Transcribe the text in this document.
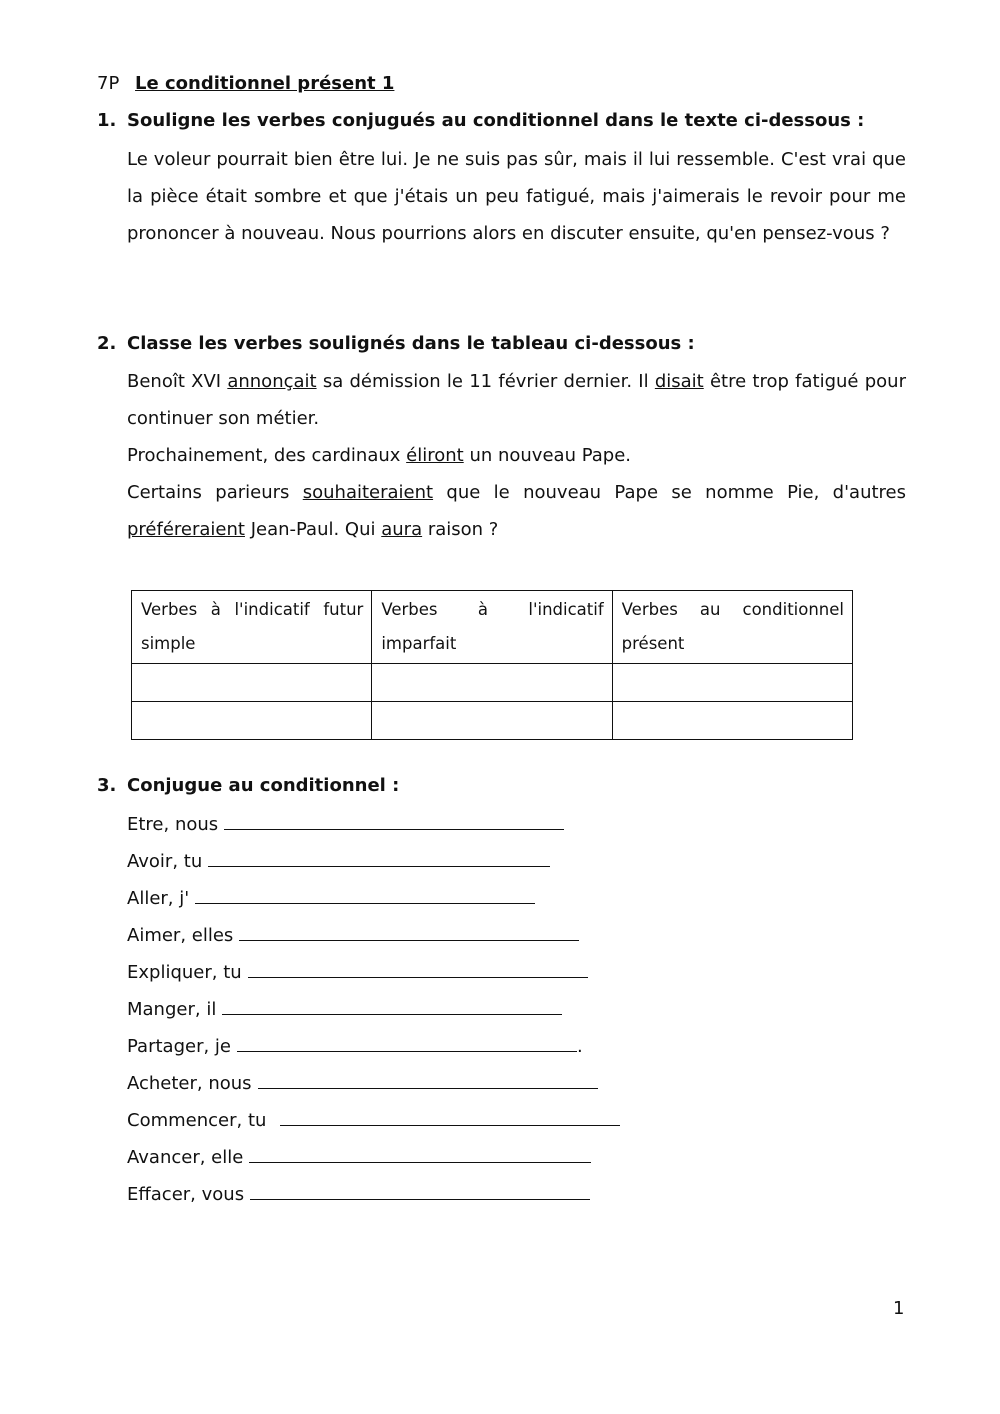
7P Le conditionnel présent 1
1. Souligne les verbes conjugués au conditionnel dans le texte ci-dessous :

Le voleur pourrait bien être lui. Je ne suis pas sûr, mais il lui ressemble. C'est vrai que la pièce était sombre et que j'étais un peu fatigué, mais j'aimerais le revoir pour me prononcer à nouveau. Nous pourrions alors en discuter ensuite, qu'en pensez-vous ?

2. Classe les verbes soulignés dans le tableau ci-dessous :

Benoît XVI annonçait sa démission le 11 février dernier. Il disait être trop fatigué pour continuer son métier.

Prochainement, des cardinaux éliront un nouveau Pape.

Certains parieurs souhaiteraient que le nouveau Pape se nomme Pie, d'autres préféreraient Jean-Paul. Qui aura raison ?

Verbes à l'indicatif futur simple	Verbes à l'indicatif imparfait	Verbes au conditionnel présent

3. Conjugue au conditionnel :
Etre, nous
Avoir, tu
Aller, j'
Aimer, elles
Expliquer, tu
Manger, il
Partager, je	.
Acheter, nous
Commencer, tu
Avancer, elle
Effacer, vous
1
